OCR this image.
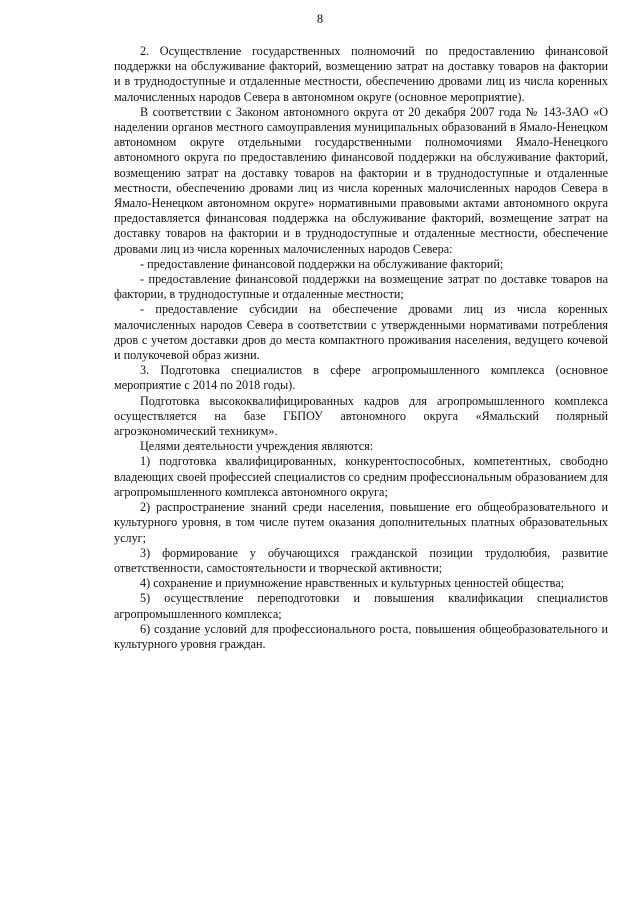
8

2. Осуществление государственных полномочий по предоставлению финансовой поддержки на обслуживание факторий, возмещению затрат на доставку товаров на фактории и в труднодоступные и отдаленные местности, обеспечению дровами лиц из числа коренных малочисленных народов Севера в автономном округе (основное мероприятие).

В соответствии с Законом автономного округа от 20 декабря 2007 года № 143-ЗАО «О наделении органов местного самоуправления муниципальных образований в Ямало-Ненецком автономном округе отдельными государственными полномочиями Ямало-Ненецкого автономного округа по предоставлению финансовой поддержки на обслуживание факторий, возмещению затрат на доставку товаров на фактории и в труднодоступные и отдаленные местности, обеспечению дровами лиц из числа коренных малочисленных народов Севера в Ямало-Ненецком автономном округе» нормативными правовыми актами автономного округа предоставляется финансовая поддержка на обслуживание факторий, возмещение затрат на доставку товаров на фактории и в труднодоступные и отдаленные местности, обеспечение дровами лиц из числа коренных малочисленных народов Севера:

- предоставление финансовой поддержки на обслуживание факторий;

- предоставление финансовой поддержки на возмещение затрат по доставке товаров на фактории, в труднодоступные и отдаленные местности;

- предоставление субсидии на обеспечение дровами лиц из числа коренных малочисленных народов Севера в соответствии с утвержденными нормативами потребления дров с учетом доставки дров до места компактного проживания населения, ведущего кочевой и полукочевой образ жизни.

3. Подготовка специалистов в сфере агропромышленного комплекса (основное мероприятие с 2014 по 2018 годы).

Подготовка высококвалифицированных кадров для агропромышленного комплекса осуществляется на базе ГБПОУ автономного округа «Ямальский полярный агроэкономический техникум».

Целями деятельности учреждения являются:

1) подготовка квалифицированных, конкурентоспособных, компетентных, свободно владеющих своей профессией специалистов со средним профессиональным образованием для агропромышленного комплекса автономного округа;

2) распространение знаний среди населения, повышение его общеобразовательного и культурного уровня, в том числе путем оказания дополнительных платных образовательных услуг;

3) формирование у обучающихся гражданской позиции трудолюбия, развитие ответственности, самостоятельности и творческой активности;

4) сохранение и приумножение нравственных и культурных ценностей общества;

5) осуществление переподготовки и повышения квалификации специалистов агропромышленного комплекса;

6) создание условий для профессионального роста, повышения общеобразовательного и культурного уровня граждан.
